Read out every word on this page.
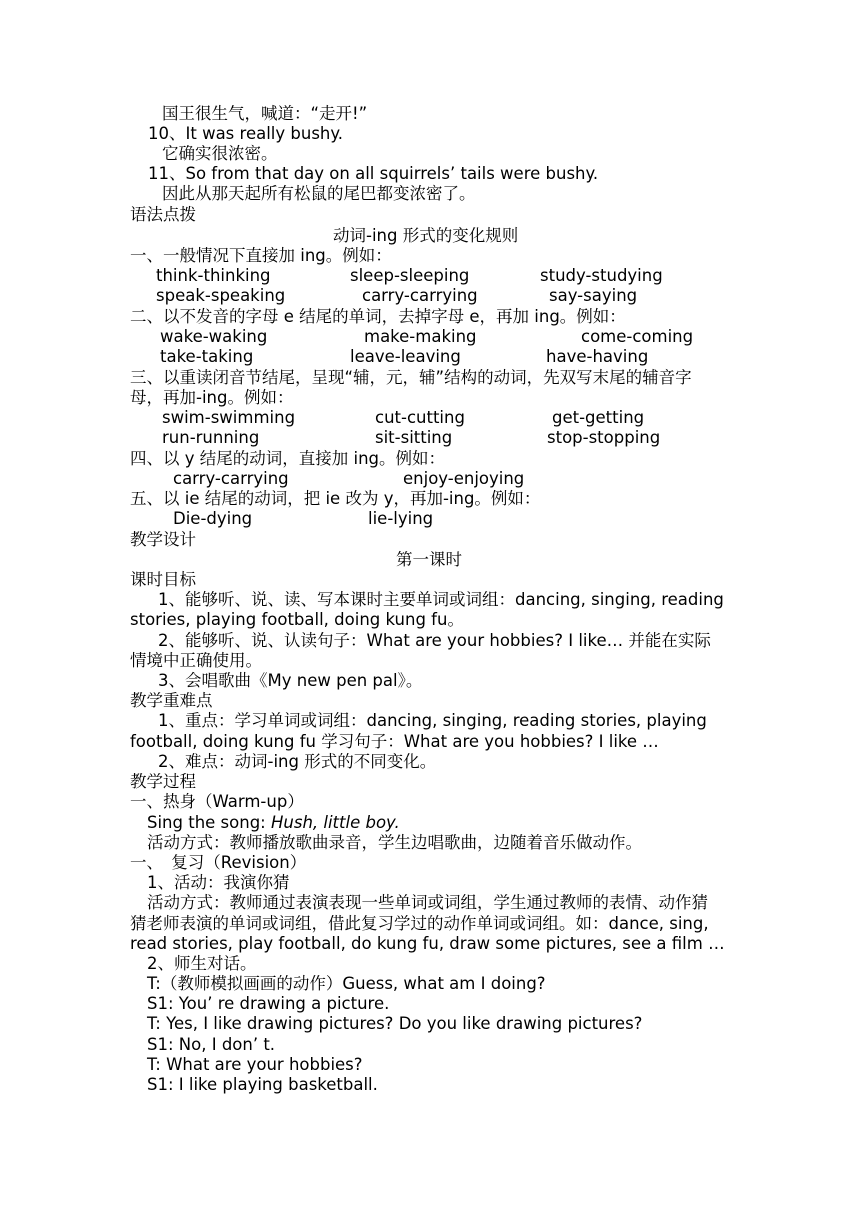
国王很生气，喊道：“走开!”
10、It was really bushy.
它确实很浓密。
11、So from that day on all squirrels’ tails were bushy.
因此从那天起所有松鼠的尾巴都变浓密了。
语法点拨
动词-ing 形式的变化规则
一、一般情况下直接加 ing。例如：
think-thinking	sleep-sleeping	study-studying
speak-speaking	carry-carrying	say-saying
二、以不发音的字母 e 结尾的单词，去掉字母 e，再加 ing。例如：
wake-waking	make-making	come-coming
take-taking	leave-leaving	have-having
三、以重读闭音节结尾，呈现“辅，元，辅”结构的动词，先双写末尾的辅音字
母，再加-ing。例如：
swim-swimming	cut-cutting	get-getting
run-running	sit-sitting	stop-stopping
四、以 y 结尾的动词，直接加 ing。例如：
carry-carrying	enjoy-enjoying
五、以 ie 结尾的动词，把 ie 改为 y，再加-ing。例如：
Die-dying	lie-lying
教学设计
第一课时
课时目标
1、能够听、说、读、写本课时主要单词或词组：dancing, singing, reading
stories, playing football, doing kung fu。
2、能够听、说、认读句子：What are your hobbies? I like… 并能在实际
情境中正确使用。
3、会唱歌曲《My new pen pal》。
教学重难点
1、重点：学习单词或词组：dancing, singing, reading stories, playing
football, doing kung fu 学习句子：What are you hobbies? I like …
2、难点：动词-ing 形式的不同变化。
教学过程
一、热身（Warm-up）
Sing the song: Hush, little boy.
活动方式：教师播放歌曲录音，学生边唱歌曲，边随着音乐做动作。
一、　复习（Revision）
1、活动：我演你猜
活动方式：教师通过表演表现一些单词或词组，学生通过教师的表情、动作猜
猜老师表演的单词或词组，借此复习学过的动作单词或词组。如：dance, sing,
read stories, play football, do kung fu, draw some pictures, see a film …
2、师生对话。
T:（教师模拟画画的动作）Guess, what am I doing?
S1: You’ re drawing a picture.
T: Yes, I like drawing pictures? Do you like drawing pictures?
S1: No, I don’ t.
T: What are your hobbies?
S1: I like playing basketball.
